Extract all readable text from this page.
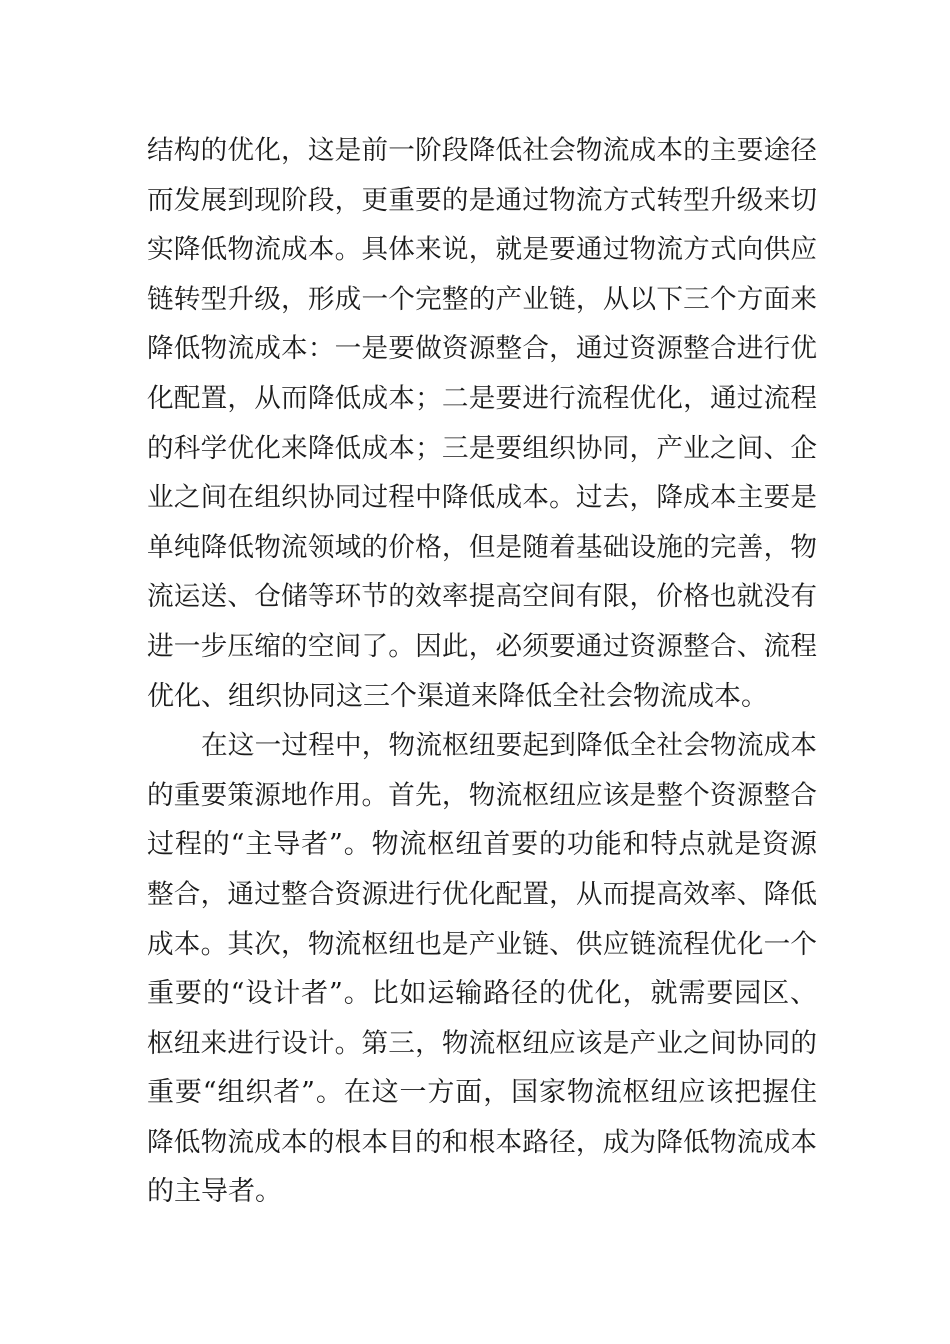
结构的优化，这是前一阶段降低社会物流成本的主要途径
而发展到现阶段，更重要的是通过物流方式转型升级来切
实降低物流成本。具体来说，就是要通过物流方式向供应
链转型升级，形成一个完整的产业链，从以下三个方面来
降低物流成本：一是要做资源整合，通过资源整合进行优
化配置，从而降低成本；二是要进行流程优化，通过流程
的科学优化来降低成本；三是要组织协同，产业之间、企
业之间在组织协同过程中降低成本。过去，降成本主要是
单纯降低物流领域的价格，但是随着基础设施的完善，物
流运送、仓储等环节的效率提高空间有限，价格也就没有
进一步压缩的空间了。因此，必须要通过资源整合、流程
优化、组织协同这三个渠道来降低全社会物流成本。
在这一过程中，物流枢纽要起到降低全社会物流成本
的重要策源地作用。首先，物流枢纽应该是整个资源整合
过程的“主导者”。物流枢纽首要的功能和特点就是资源
整合，通过整合资源进行优化配置，从而提高效率、降低
成本。其次，物流枢纽也是产业链、供应链流程优化一个
重要的“设计者”。比如运输路径的优化，就需要园区、
枢纽来进行设计。第三，物流枢纽应该是产业之间协同的
重要“组织者”。在这一方面，国家物流枢纽应该把握住
降低物流成本的根本目的和根本路径，成为降低物流成本
的主导者。
